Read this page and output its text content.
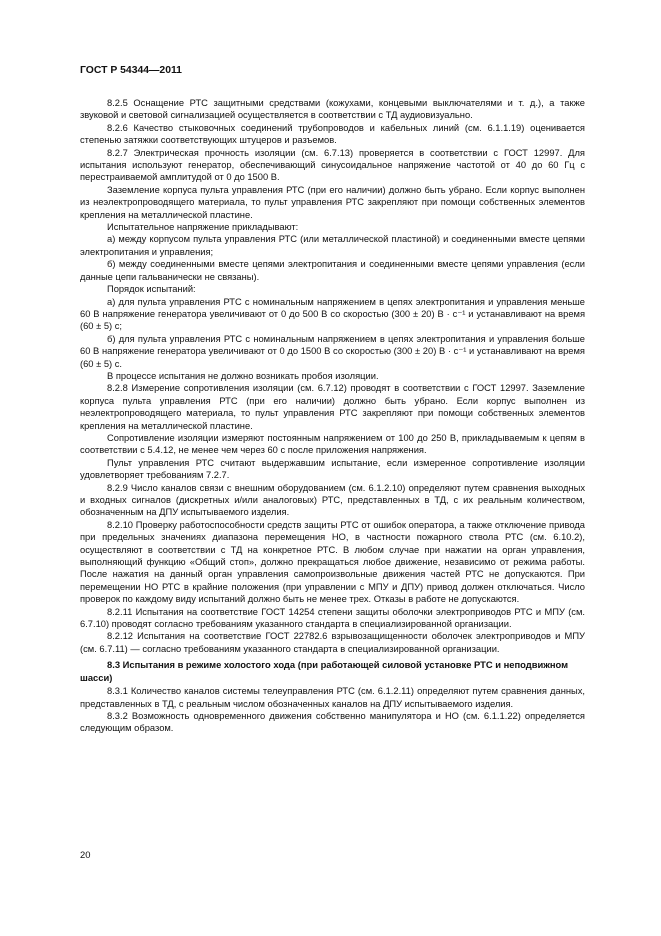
ГОСТ Р 54344—2011

8.2.5 Оснащение РТС защитными средствами (кожухами, концевыми выключателями и т. д.), а также звуковой и световой сигнализацией осуществляется в соответствии с ТД аудиовизуально.

8.2.6 Качество стыковочных соединений трубопроводов и кабельных линий (см. 6.1.1.19) оценивается степенью затяжки соответствующих штуцеров и разъемов.

8.2.7 Электрическая прочность изоляции (см. 6.7.13) проверяется в соответствии с ГОСТ 12997. Для испытания используют генератор, обеспечивающий синусоидальное напряжение частотой от 40 до 60 Гц с перестраиваемой амплитудой от 0 до 1500 В.

Заземление корпуса пульта управления РТС (при его наличии) должно быть убрано. Если корпус выполнен из неэлектропроводящего материала, то пульт управления РТС закрепляют при помощи собственных элементов крепления на металлической пластине.

Испытательное напряжение прикладывают:

а) между корпусом пульта управления РТС (или металлической пластиной) и соединенными вместе цепями электропитания и управления;

б) между соединенными вместе цепями электропитания и соединенными вместе цепями управления (если данные цепи гальванически не связаны).

Порядок испытаний:

а) для пульта управления РТС с номинальным напряжением в цепях электропитания и управления меньше 60 В напряжение генератора увеличивают от 0 до 500 В со скоростью (300 ± 20) В · с⁻¹ и устанавливают на время (60 ± 5) с;

б) для пульта управления РТС с номинальным напряжением в цепях электропитания и управления больше 60 В напряжение генератора увеличивают от 0 до 1500 В со скоростью (300 ± 20) В · с⁻¹ и устанавливают на время (60 ± 5) с.

В процессе испытания не должно возникать пробоя изоляции.

8.2.8 Измерение сопротивления изоляции (см. 6.7.12) проводят в соответствии с ГОСТ 12997. Заземление корпуса пульта управления РТС (при его наличии) должно быть убрано. Если корпус выполнен из неэлектропроводящего материала, то пульт управления РТС закрепляют при помощи собственных элементов крепления на металлической пластине.

Сопротивление изоляции измеряют постоянным напряжением от 100 до 250 В, прикладываемым к цепям в соответствии с 5.4.12, не менее чем через 60 с после приложения напряжения.

Пульт управления РТС считают выдержавшим испытание, если измеренное сопротивление изоляции удовлетворяет требованиям 7.2.7.

8.2.9 Число каналов связи с внешним оборудованием (см. 6.1.2.10) определяют путем сравнения выходных и входных сигналов (дискретных и/или аналоговых) РТС, представленных в ТД, с их реальным количеством, обозначенным на ДПУ испытываемого изделия.

8.2.10 Проверку работоспособности средств защиты РТС от ошибок оператора, а также отключение привода при предельных значениях диапазона перемещения НО, в частности пожарного ствола РТС (см. 6.10.2), осуществляют в соответствии с ТД на конкретное РТС. В любом случае при нажатии на орган управления, выполняющий функцию «Общий стоп», должно прекращаться любое движение, независимо от режима работы. После нажатия на данный орган управления самопроизвольные движения частей РТС не допускаются. При перемещении НО РТС в крайние положения (при управлении с МПУ и ДПУ) привод должен отключаться. Число проверок по каждому виду испытаний должно быть не менее трех. Отказы в работе не допускаются.

8.2.11 Испытания на соответствие ГОСТ 14254 степени защиты оболочки электроприводов РТС и МПУ (см. 6.7.10) проводят согласно требованиям указанного стандарта в специализированной организации.

8.2.12 Испытания на соответствие ГОСТ 22782.6 взрывозащищенности оболочек электроприводов и МПУ (см. 6.7.11) — согласно требованиям указанного стандарта в специализированной организации.

8.3 Испытания в режиме холостого хода (при работающей силовой установке РТС и неподвижном шасси)

8.3.1 Количество каналов системы телеуправления РТС (см. 6.1.2.11) определяют путем сравнения данных, представленных в ТД, с реальным числом обозначенных каналов на ДПУ испытываемого изделия.

8.3.2 Возможность одновременного движения собственно манипулятора и НО (см. 6.1.1.22) определяется следующим образом.

20
